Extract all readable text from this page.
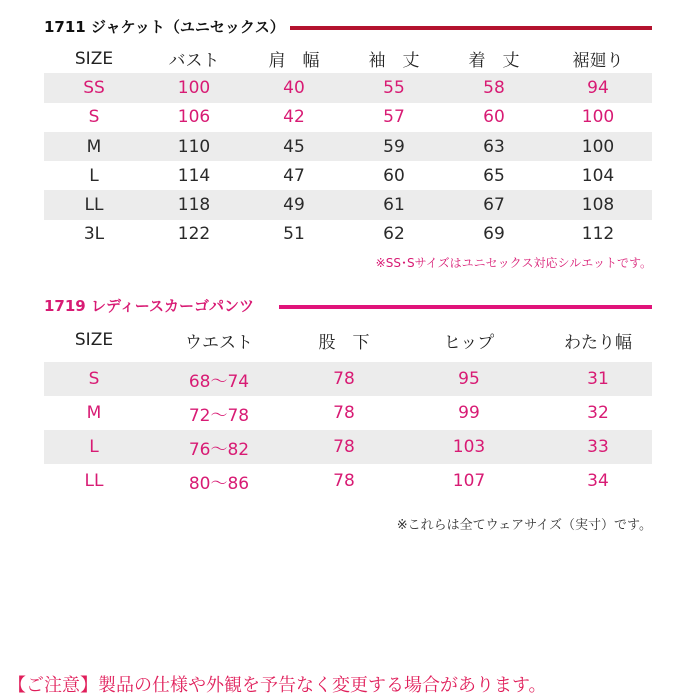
1711 ジャケット（ユニセックス）
SIZE	バスト	肩　幅	袖　丈	着　丈	裾廻り
SS	100	40	55	58	94
S	106	42	57	60	100
M	110	45	59	63	100
L	114	47	60	65	104
LL	118	49	61	67	108
3L	122	51	62	69	112
※SS･Sサイズはユニセックス対応シルエットです。
1719 レディースカーゴパンツ
SIZE	ウエスト	股　下	ヒップ	わたり幅

S	68〜74	78	95	31
M	72〜78	78	99	32
L	76〜82	78	103	33
LL	80〜86	78	107	34
※これらは全てウェアサイズ（実寸）です。
【ご注意】製品の仕様や外観を予告なく変更する場合があります。
